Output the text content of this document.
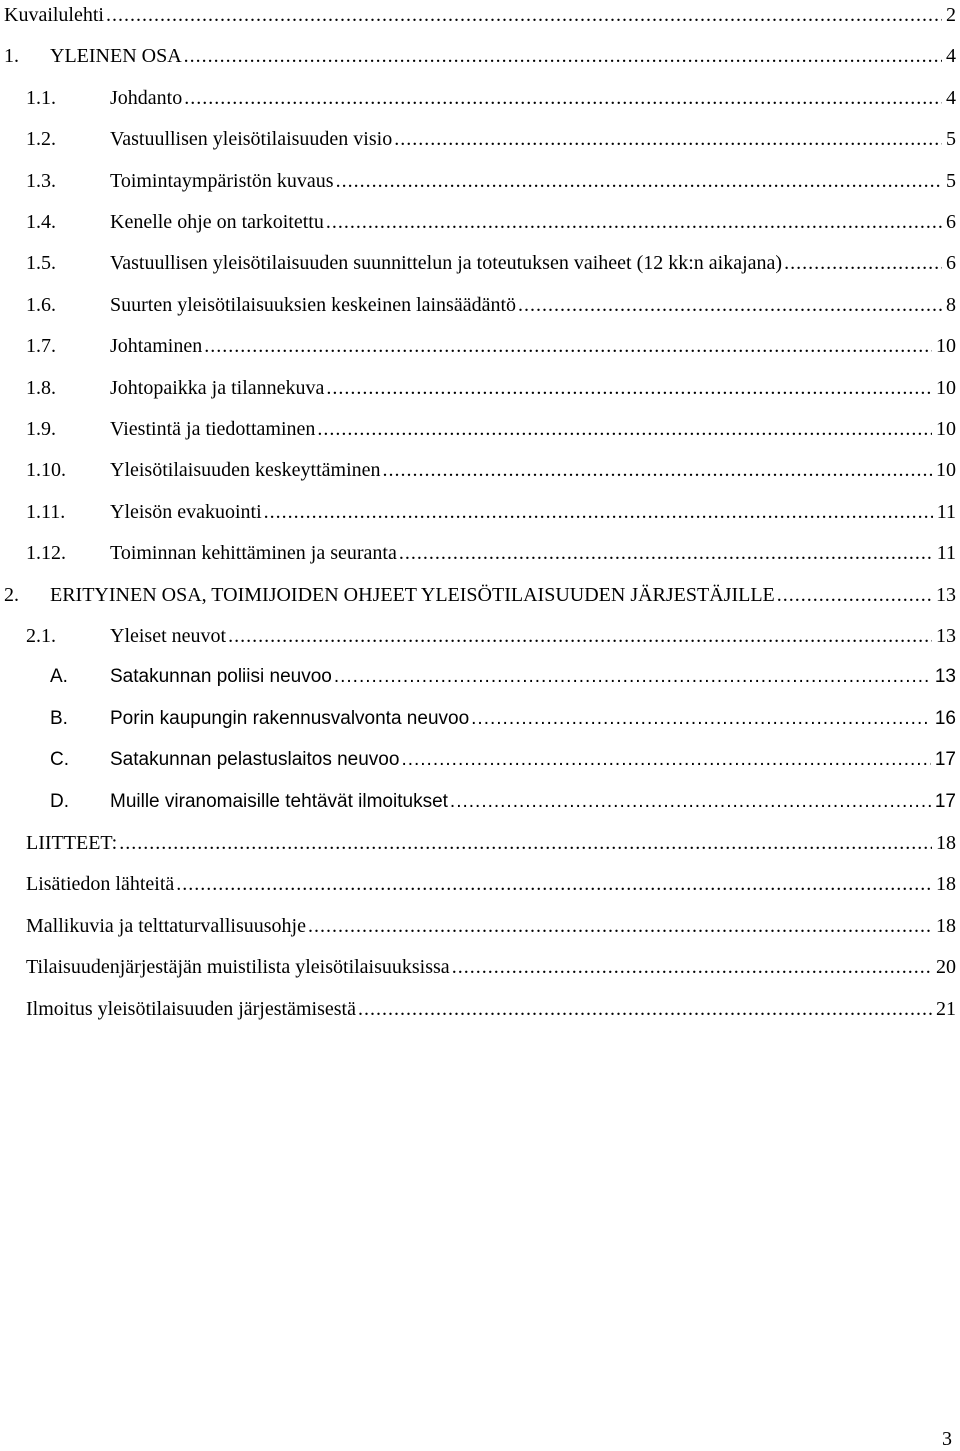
Kuvailulehti .....	2
1.	YLEINEN OSA .....	4
1.1.	Johdanto .....	4
1.2.	Vastuullisen yleisötilaisuuden visio .....	5
1.3.	Toimintaympäristön kuvaus .....	5
1.4.	Kenelle ohje on tarkoitettu .....	6
1.5.	Vastuullisen yleisötilaisuuden suunnittelun ja toteutuksen vaiheet (12 kk:n aikajana) .....	6
1.6.	Suurten yleisötilaisuuksien keskeinen lainsäädäntö .....	8
1.7.	Johtaminen .....	10
1.8.	Johtopaikka ja tilannekuva .....	10
1.9.	Viestintä ja tiedottaminen .....	10
1.10.	Yleisötilaisuuden keskeyttäminen .....	10
1.11.	Yleisön evakuointi .....	11
1.12.	Toiminnan kehittäminen ja seuranta .....	11
2.	ERITYINEN OSA, TOIMIJOIDEN OHJEET YLEISÖTILAISUUDEN JÄRJESTÄJILLE .....	13
2.1.	Yleiset neuvot .....	13
A.	Satakunnan poliisi neuvoo .....	13
B.	Porin kaupungin rakennusvalvonta neuvoo .....	16
C.	Satakunnan pelastuslaitos neuvoo .....	17
D.	Muille viranomaisille tehtävät ilmoitukset .....	17
LIITTEET: .....	18
Lisätiedon lähteitä .....	18
Mallikuvia ja telttaturvallisuusohje .....	18
Tilaisuudenjärjestäjän muistilista yleisötilaisuuksissa .....	20
Ilmoitus yleisötilaisuuden järjestämisestä .....	21
3
